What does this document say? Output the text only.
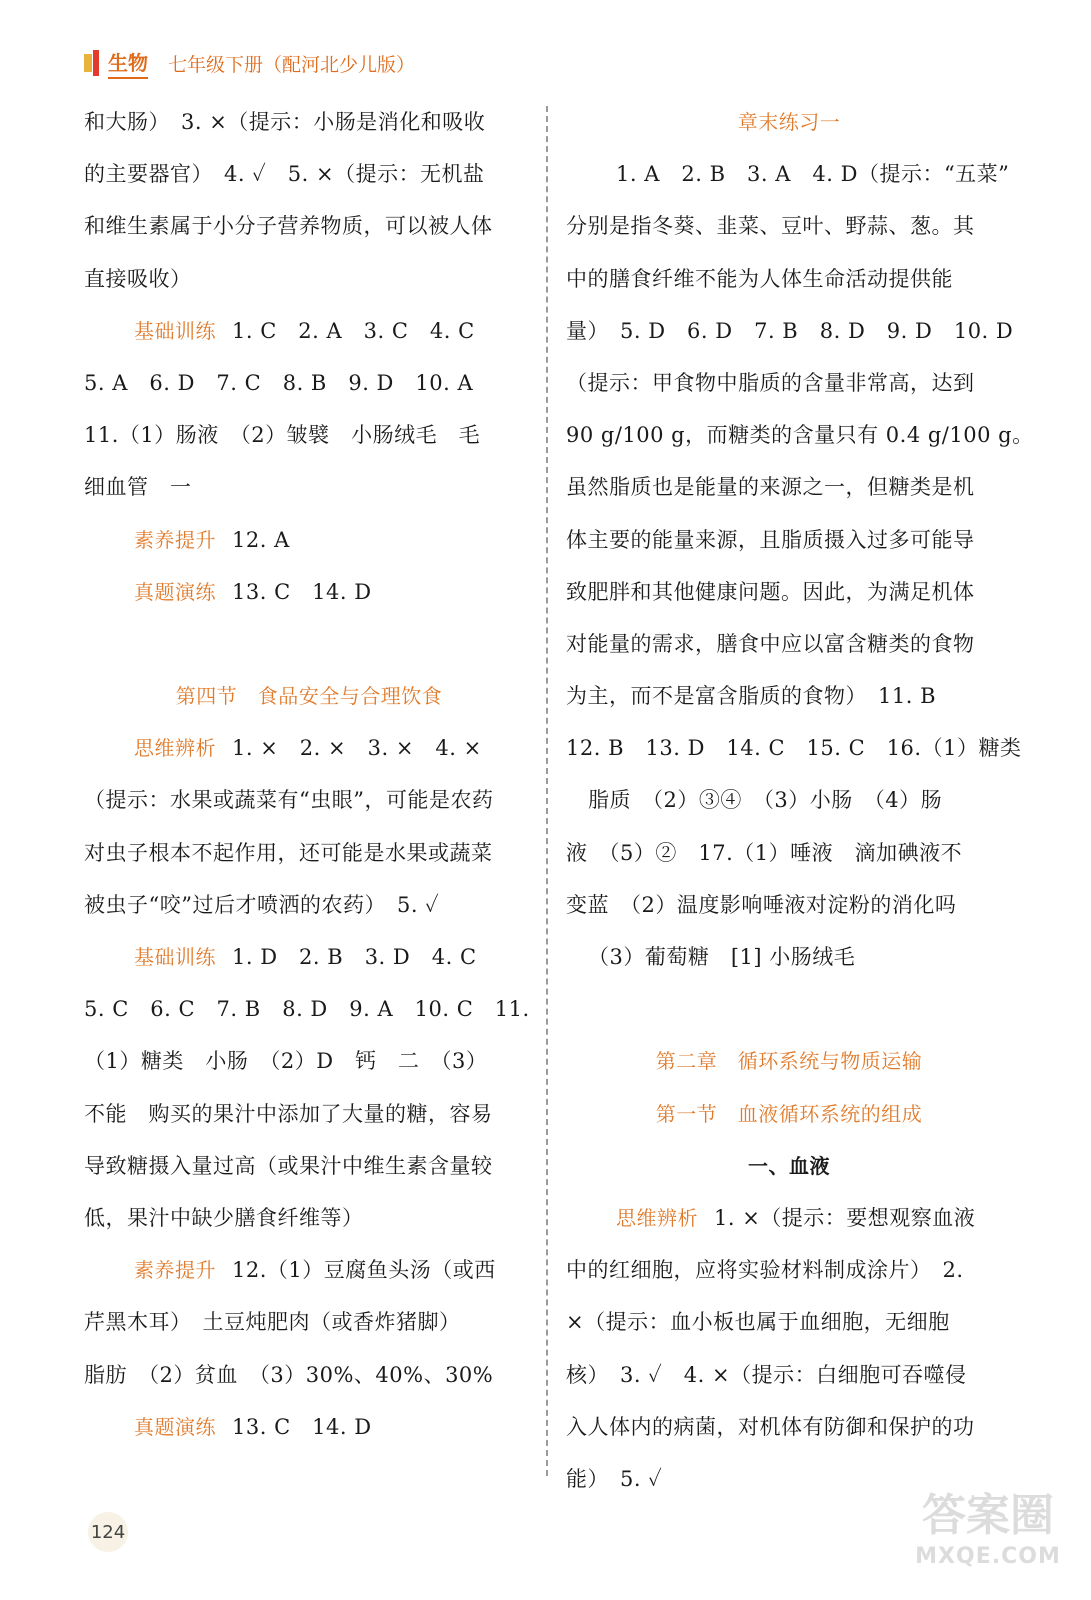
生物 七年级下册（配河北少儿版）
和大肠）　3. ×（提示：小肠是消化和吸收
的主要器官）　4. ✓　5. ×（提示：无机盐
和维生素属于小分子营养物质，可以被人体
直接吸收）
基础训练 1. C　2. A　3. C　4. C
5. A　6. D　7. C　8. B　9. D　10. A
11.（1）肠液　（2）皱襞　小肠绒毛　毛
细血管　一
素养提升 12. A
真题演练 13. C　14. D
第四节　食品安全与合理饮食
思维辨析 1. ×　2. ×　3. ×　4. ×
（提示：水果或蔬菜有“虫眼”，可能是农药
对虫子根本不起作用，还可能是水果或蔬菜
被虫子“咬”过后才喷洒的农药）　5. ✓
基础训练 1. D　2. B　3. D　4. C
5. C　6. C　7. B　8. D　9. A　10. C　11.
（1）糖类　小肠　（2）D　钙　二　（3）
不能　购买的果汁中添加了大量的糖，容易
导致糖摄入量过高（或果汁中维生素含量较
低，果汁中缺少膳食纤维等）
素养提升 12.（1）豆腐鱼头汤（或西
芹黑木耳）　土豆炖肥肉（或香炸猪脚）
脂肪　（2）贫血　（3）30%、40%、30%
真题演练 13. C　14. D
章末练习一
1. A　2. B　3. A　4. D（提示：“五菜”
分别是指冬葵、韭菜、豆叶、野蒜、葱。其
中的膳食纤维不能为人体生命活动提供能
量）　5. D　6. D　7. B　8. D　9. D　10. D
（提示：甲食物中脂质的含量非常高，达到
90 g/100 g，而糖类的含量只有 0.4 g/100 g。
虽然脂质也是能量的来源之一，但糖类是机
体主要的能量来源，且脂质摄入过多可能导
致肥胖和其他健康问题。因此，为满足机体
对能量的需求，膳食中应以富含糖类的食物
为主，而不是富含脂质的食物）　11. B
12. B　13. D　14. C　15. C　16.（1）糖类
脂质　（2）③④　（3）小肠　（4）肠
液　（5）②　17.（1）唾液　滴加碘液不
变蓝　（2）温度影响唾液对淀粉的消化吗
（3）葡萄糖　[1] 小肠绒毛
第二章　循环系统与物质运输
第一节　血液循环系统的组成
一、血液
思维辨析 1. ×（提示：要想观察血液
中的红细胞，应将实验材料制成涂片）　2.
×（提示：血小板也属于血细胞，无细胞
核）　3. ✓　4. ×（提示：白细胞可吞噬侵
入人体内的病菌，对机体有防御和保护的功
能）　5. ✓
124	答案圈
MXQE.COM
